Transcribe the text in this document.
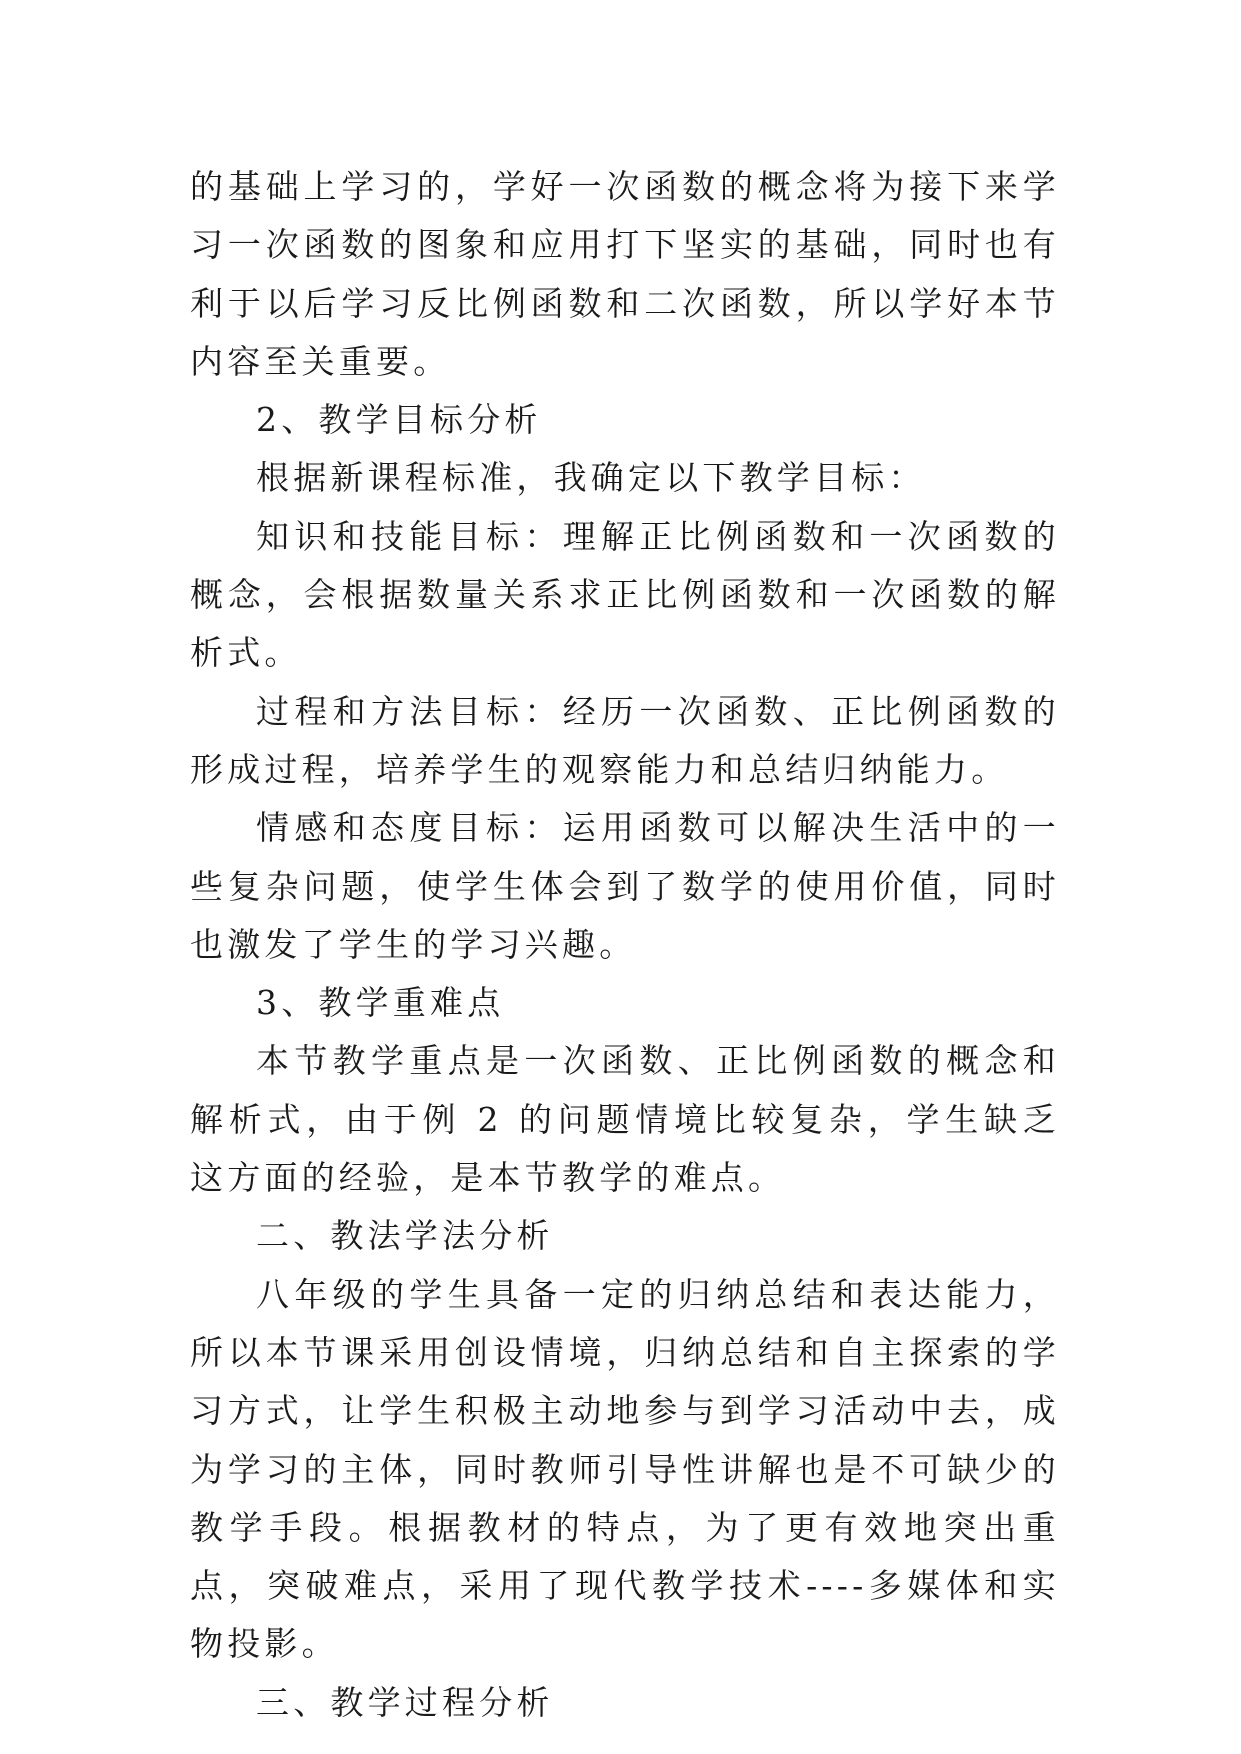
的基础上学习的，学好一次函数的概念将为接下来学习一次函数的图象和应用打下坚实的基础，同时也有利于以后学习反比例函数和二次函数，所以学好本节内容至关重要。

2、教学目标分析

根据新课程标准，我确定以下教学目标：

知识和技能目标：理解正比例函数和一次函数的概念，会根据数量关系求正比例函数和一次函数的解析式。

过程和方法目标：经历一次函数、正比例函数的形成过程，培养学生的观察能力和总结归纳能力。

情感和态度目标：运用函数可以解决生活中的一些复杂问题，使学生体会到了数学的使用价值，同时也激发了学生的学习兴趣。

3、教学重难点

本节教学重点是一次函数、正比例函数的概念和解析式，由于例 2 的问题情境比较复杂，学生缺乏这方面的经验，是本节教学的难点。

二、教法学法分析

八年级的学生具备一定的归纳总结和表达能力，所以本节课采用创设情境，归纳总结和自主探索的学习方式，让学生积极主动地参与到学习活动中去，成为学习的主体，同时教师引导性讲解也是不可缺少的教学手段。根据教材的特点，为了更有效地突出重点，突破难点，采用了现代教学技术----多媒体和实物投影。

三、教学过程分析
